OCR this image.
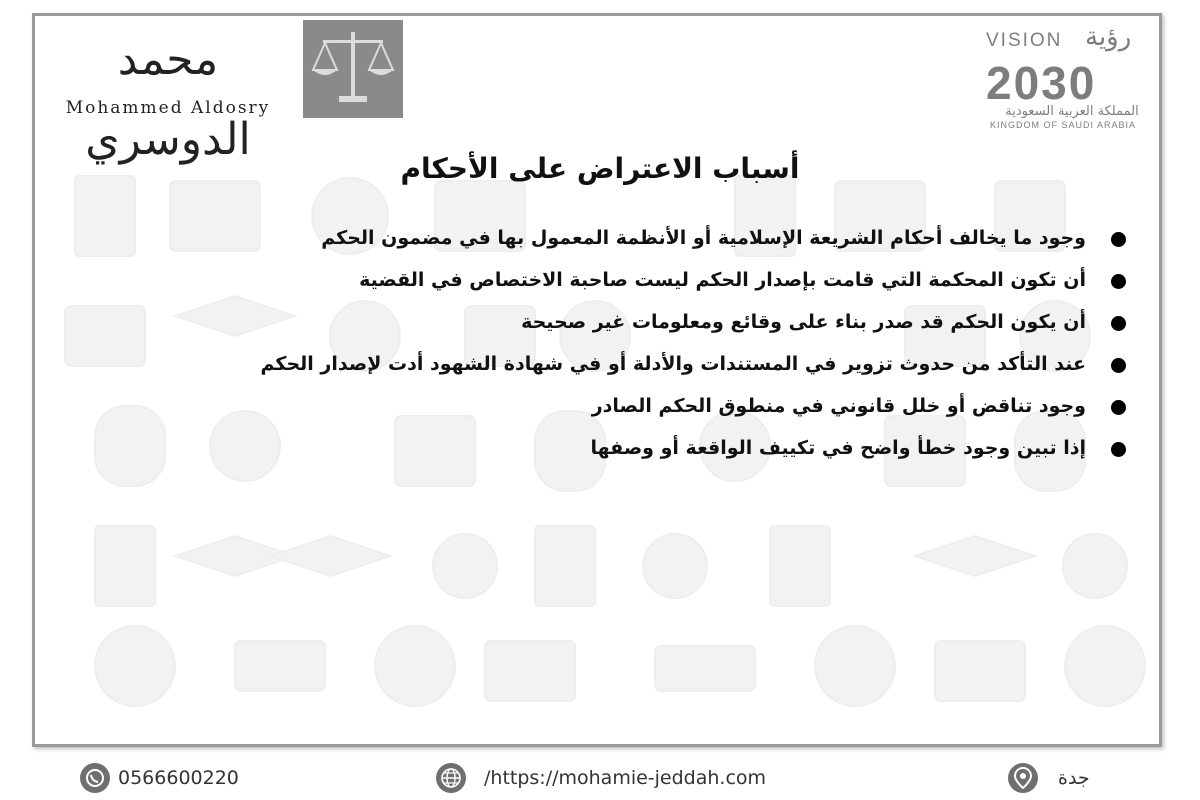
محمد الدوسري
Mohammed Aldosry
VISION رؤية
2030
المملكة العربية السعودية
KINGDOM OF SAUDI ARABIA
أسباب الاعتراض على الأحكام
وجود ما يخالف أحكام الشريعة الإسلامية أو الأنظمة المعمول بها في مضمون الحكم
أن تكون المحكمة التي قامت بإصدار الحكم ليست صاحبة الاختصاص في القضية
أن يكون الحكم قد صدر بناء على وقائع ومعلومات غير صحيحة
عند التأكد من حدوث تزوير في المستندات والأدلة أو في شهادة الشهود أدت لإصدار الحكم
وجود تناقض أو خلل قانوني في منطوق الحكم الصادر
إذا تبين وجود خطأ واضح في تكييف الواقعة أو وصفها
0566600220	/https://mohamie-jeddah.com	جدة
